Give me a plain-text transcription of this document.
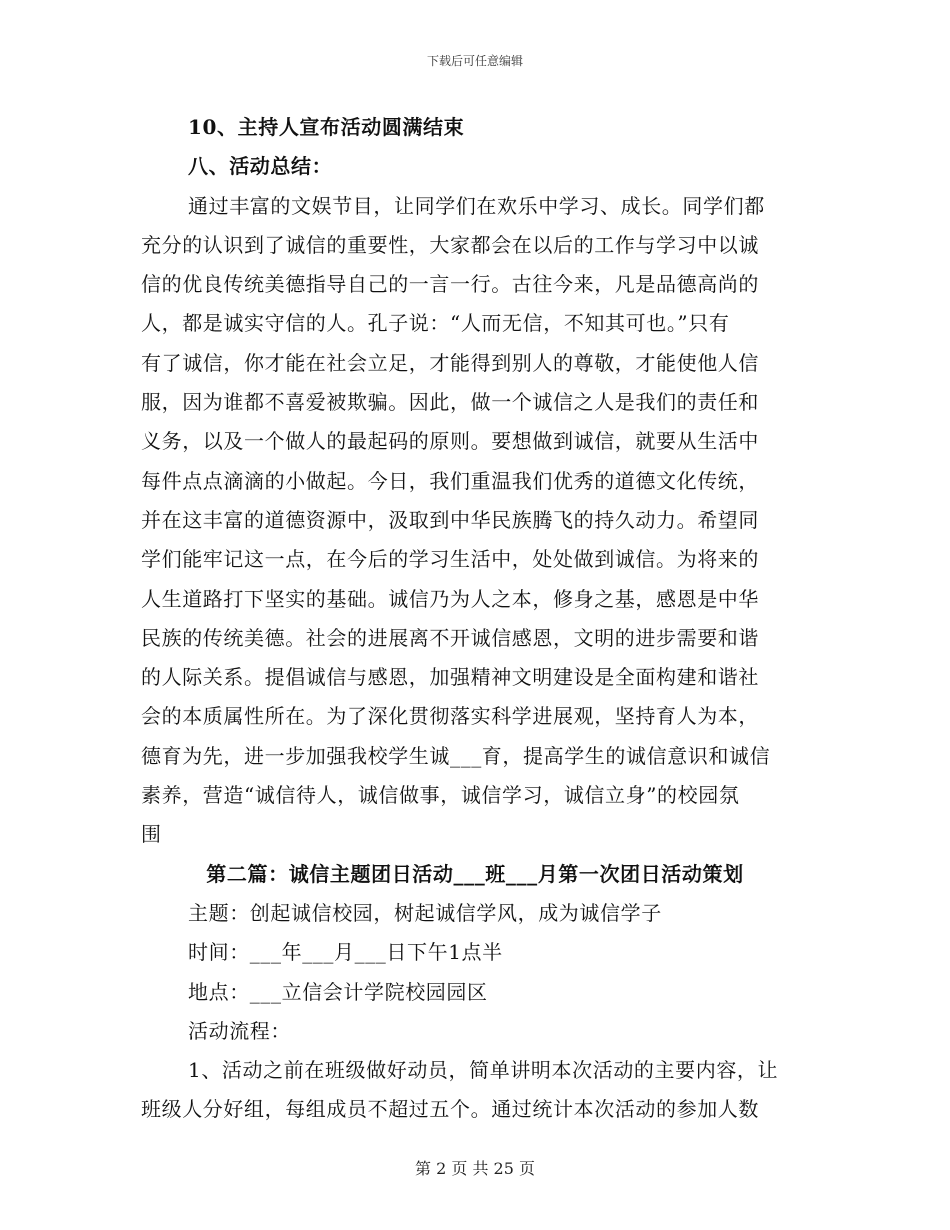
下载后可任意编辑
10、主持人宣布活动圆满结束
八、活动总结：
通过丰富的文娱节目，让同学们在欢乐中学习、成长。同学们都
充分的认识到了诚信的重要性，大家都会在以后的工作与学习中以诚
信的优良传统美德指导自己的一言一行。古往今来，凡是品德高尚的
人，都是诚实守信的人。孔子说：“人而无信，不知其可也。”只有
有了诚信，你才能在社会立足，才能得到别人的尊敬，才能使他人信
服，因为谁都不喜爱被欺骗。因此，做一个诚信之人是我们的责任和
义务，以及一个做人的最起码的原则。要想做到诚信，就要从生活中
每件点点滴滴的小做起。今日，我们重温我们优秀的道德文化传统，
并在这丰富的道德资源中，汲取到中华民族腾飞的持久动力。希望同
学们能牢记这一点，在今后的学习生活中，处处做到诚信。为将来的
人生道路打下坚实的基础。诚信乃为人之本，修身之基，感恩是中华
民族的传统美德。社会的进展离不开诚信感恩，文明的进步需要和谐
的人际关系。提倡诚信与感恩，加强精神文明建设是全面构建和谐社
会的本质属性所在。为了深化贯彻落实科学进展观，坚持育人为本，
德育为先，进一步加强我校学生诚___育，提高学生的诚信意识和诚信
素养，营造“诚信待人，诚信做事，诚信学习，诚信立身”的校园氛
围
第二篇：诚信主题团日活动___班___月第一次团日活动策划
主题：创起诚信校园，树起诚信学风，成为诚信学子
时间：___年___月___日下午1点半
地点：___立信会计学院校园园区
活动流程：
1、活动之前在班级做好动员，简单讲明本次活动的主要内容，让
班级人分好组，每组成员不超过五个。通过统计本次活动的参加人数
第 2 页 共 25 页
